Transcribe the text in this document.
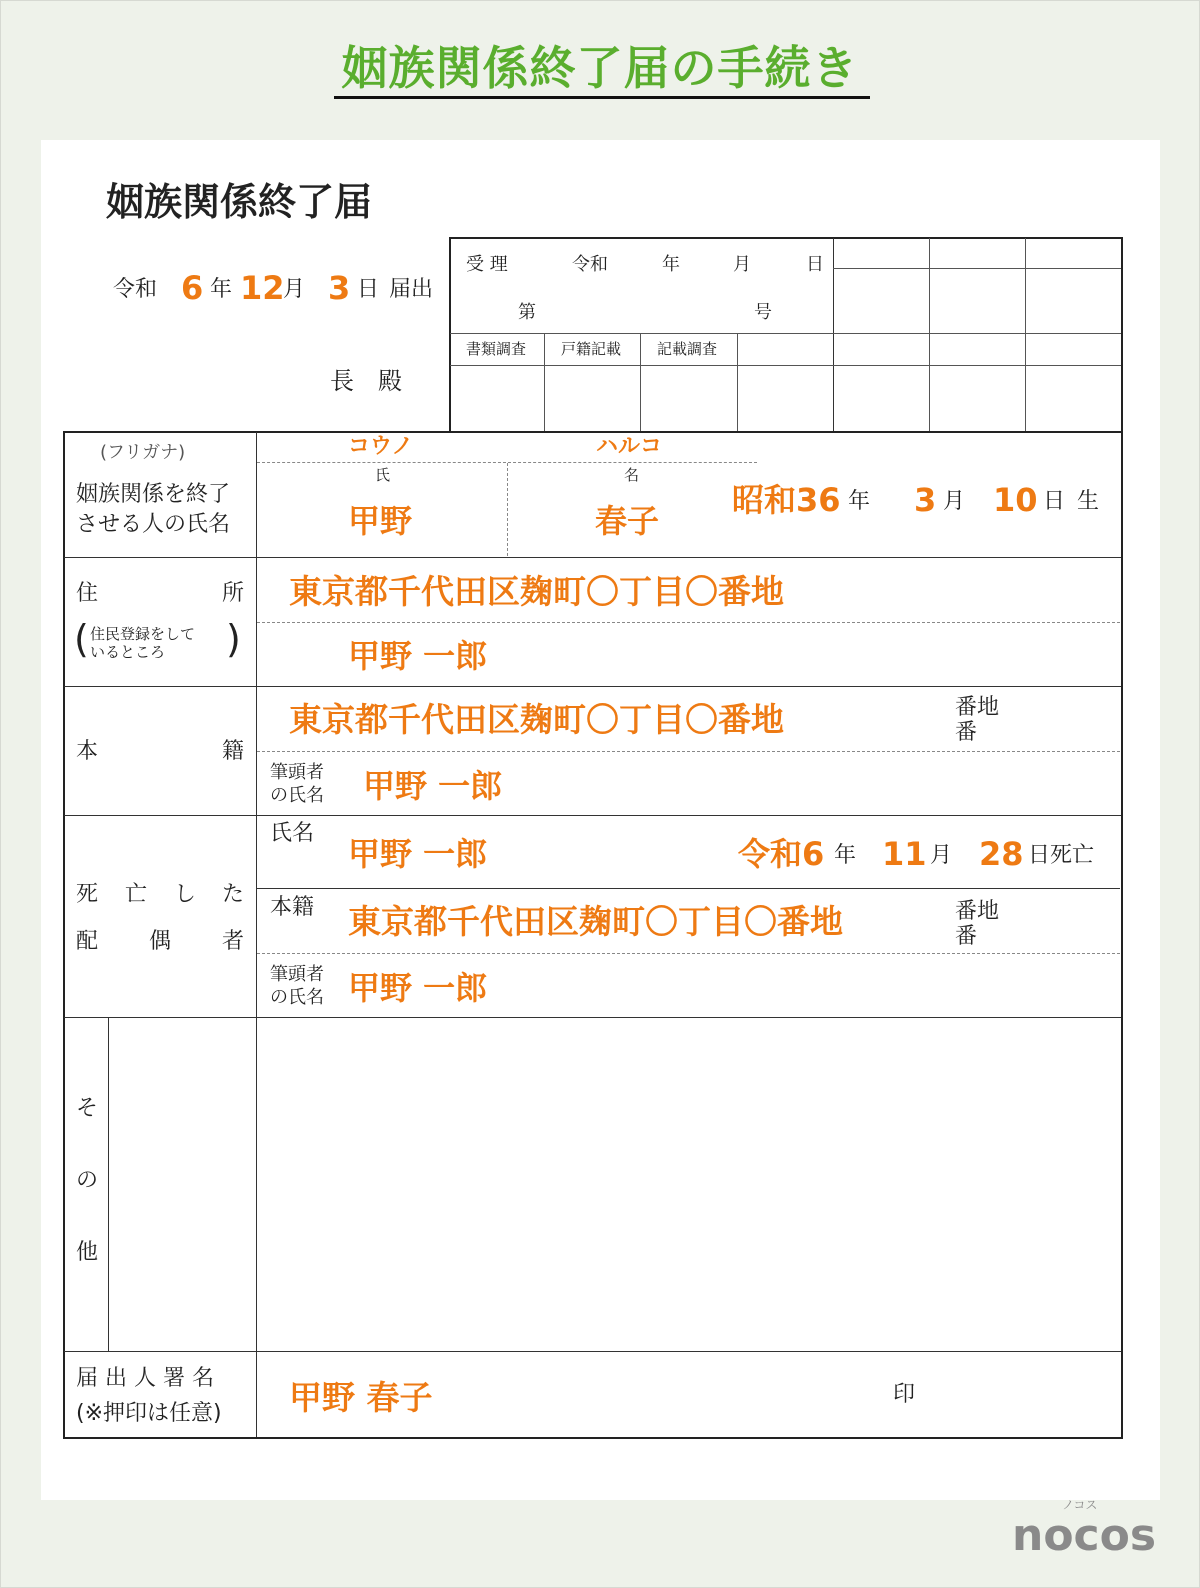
姻族関係終了届の手続き
姻族関係終了届
令和 6 年 12
月 3 日 届出
長　殿
受 理	令和	年	月	日
第	号
書類調査 戸籍記載 記載調査
(フリガナ)
姻族関係を終了
させる人の氏名
コウノ	ハルコ
氏	名
甲野	春子
昭和36 年 3 月 10 日 生
住	所
( 住民登録をして
いるところ )
東京都千代田区麹町〇丁目〇番地
甲野 一郎
本	籍
東京都千代田区麹町〇丁目〇番地	番地
番
筆頭者
の氏名 甲野 一郎
死 亡 し た
配 偶 者
氏名
甲野 一郎	令和6 年 11 月 28 日死亡
本籍 東京都千代田区麹町〇丁目〇番地	番地
番
筆頭者
の氏名 甲野 一郎
そ
の
他
届 出 人 署 名
(※押印は任意) 甲野 春子	印
ノコス
nocos
